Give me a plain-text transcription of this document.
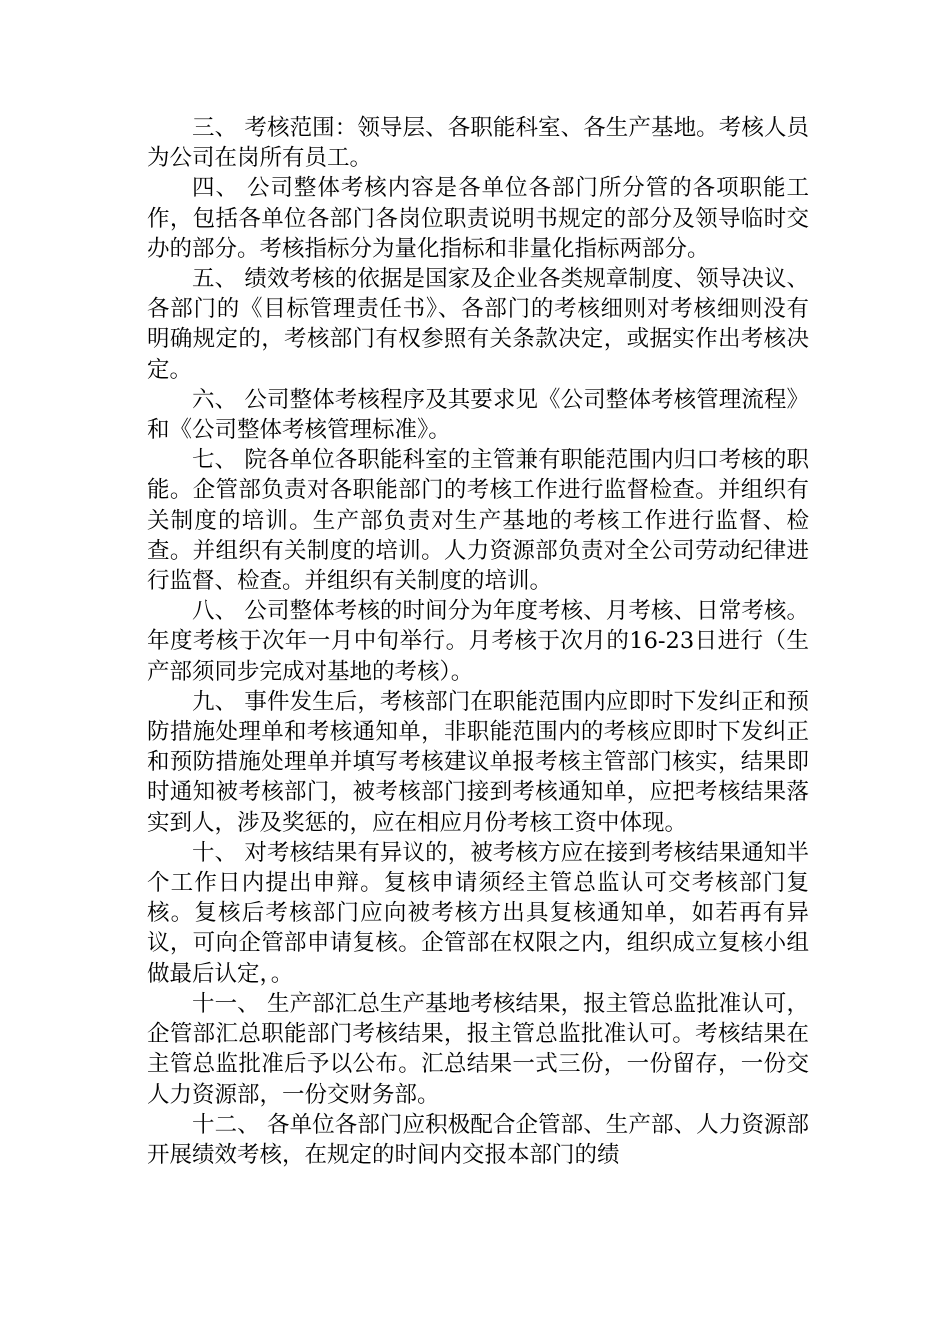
三、 考核范围：领导层、各职能科室、各生产基地。考核人员为公司在岗所有员工。

四、 公司整体考核内容是各单位各部门所分管的各项职能工作，包括各单位各部门各岗位职责说明书规定的部分及领导临时交办的部分。考核指标分为量化指标和非量化指标两部分。

五、 绩效考核的依据是国家及企业各类规章制度、领导决议、各部门的《目标管理责任书》、各部门的考核细则对考核细则没有明确规定的，考核部门有权参照有关条款决定，或据实作出考核决定。

六、 公司整体考核程序及其要求见《公司整体考核管理流程》和《公司整体考核管理标准》。

七、 院各单位各职能科室的主管兼有职能范围内归口考核的职能。企管部负责对各职能部门的考核工作进行监督检查。并组织有关制度的培训。生产部负责对生产基地的考核工作进行监督、检查。并组织有关制度的培训。人力资源部负责对全公司劳动纪律进行监督、检查。并组织有关制度的培训。

八、 公司整体考核的时间分为年度考核、月考核、日常考核。年度考核于次年一月中旬举行。月考核于次月的16-23日进行（生产部须同步完成对基地的考核）。

九、 事件发生后，考核部门在职能范围内应即时下发纠正和预防措施处理单和考核通知单，非职能范围内的考核应即时下发纠正和预防措施处理单并填写考核建议单报考核主管部门核实，结果即时通知被考核部门，被考核部门接到考核通知单，应把考核结果落实到人，涉及奖惩的，应在相应月份考核工资中体现。

十、 对考核结果有异议的，被考核方应在接到考核结果通知半个工作日内提出申辩。复核申请须经主管总监认可交考核部门复核。复核后考核部门应向被考核方出具复核通知单，如若再有异议，可向企管部申请复核。企管部在权限之内，组织成立复核小组做最后认定，。

十一、 生产部汇总生产基地考核结果，报主管总监批准认可，企管部汇总职能部门考核结果，报主管总监批准认可。考核结果在主管总监批准后予以公布。汇总结果一式三份，一份留存，一份交人力资源部，一份交财务部。

十二、 各单位各部门应积极配合企管部、生产部、人力资源部开展绩效考核，在规定的时间内交报本部门的绩
